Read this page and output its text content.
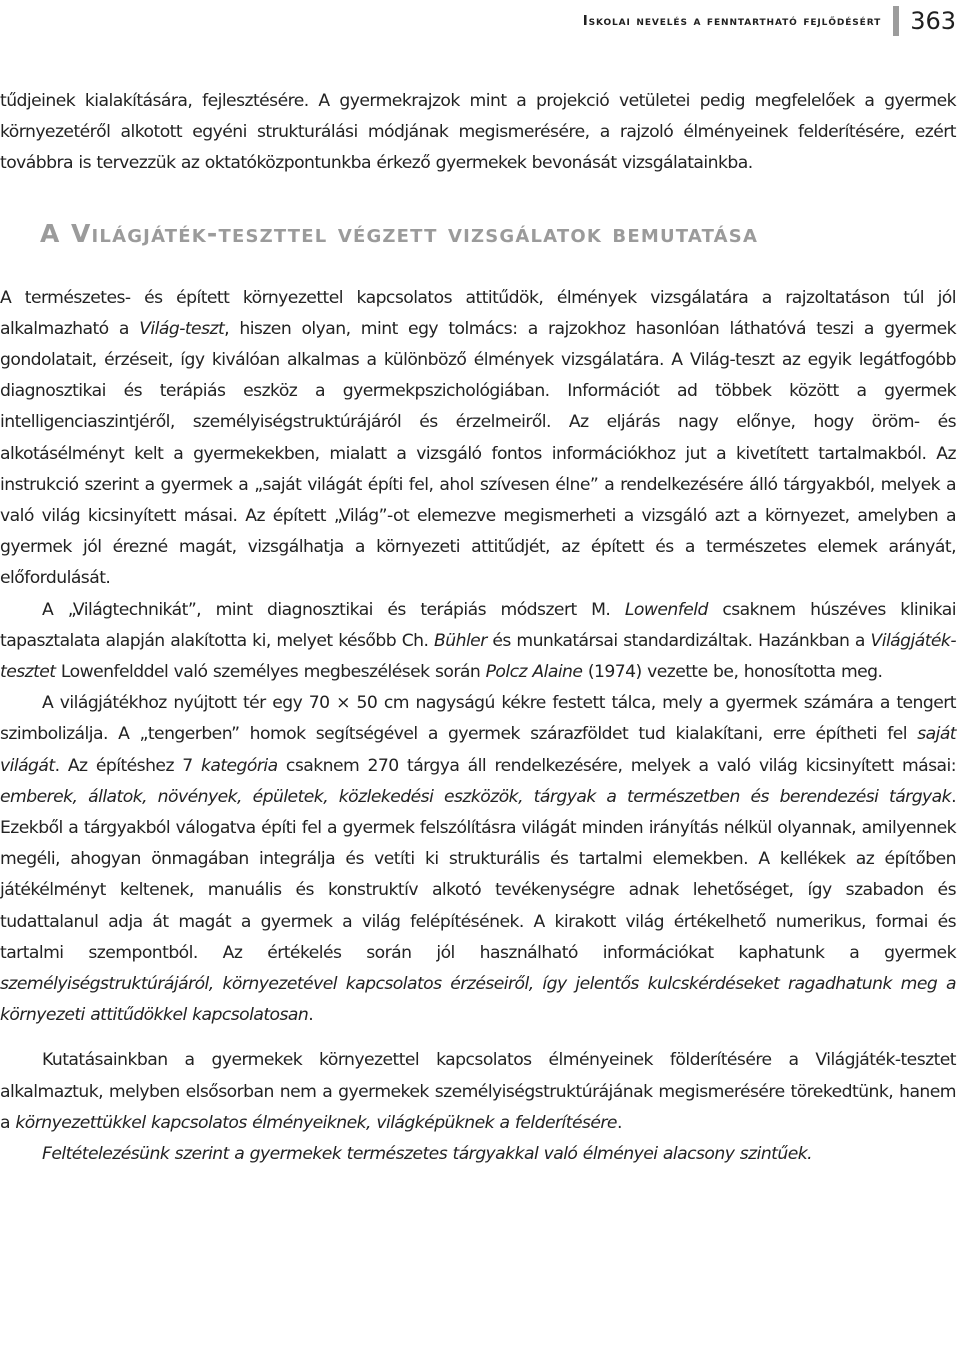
Iskolai nevelés a fenntartható fejlődésért	363

tűdjeinek kialakítására, fejlesztésére. A gyermekrajzok mint a projekció vetületei pedig megfelelőek a gyermek környezetéről alkotott egyéni strukturálási módjának megismerésére, a rajzoló élményeinek felderítésére, ezért továbbra is tervezzük az oktatóközpontunkba érkező gyermekek bevonását vizsgálatainkba.

A Világjáték-teszttel végzett vizsgálatok bemutatása

A természetes- és épített környezettel kapcsolatos attitűdök, élmények vizsgálatára a rajzoltatáson túl jól alkalmazható a Világ-teszt, hiszen olyan, mint egy tolmács: a rajzokhoz hasonlóan láthatóvá teszi a gyermek gondolatait, érzéseit, így kiválóan alkalmas a különböző élmények vizsgálatára. A Világ-teszt az egyik legátfogóbb diagnosztikai és terápiás eszköz a gyermekpszichológiában. Információt ad többek között a gyermek intelligenciaszintjéről, személyiségstruktúrájáról és érzelmeiről. Az eljárás nagy előnye, hogy öröm- és alkotásélményt kelt a gyermekekben, mialatt a vizsgáló fontos információkhoz jut a kivetített tartalmakból. Az instrukció szerint a gyermek a „saját világát építi fel, ahol szívesen élne” a rendelkezésére álló tárgyakból, melyek a való világ kicsinyített másai. Az épített „Világ”-ot elemezve megismerheti a vizsgáló azt a környezet, amelyben a gyermek jól érezné magát, vizsgálhatja a környezeti attitűdjét, az épített és a természetes elemek arányát, előfordulását.

A „Világtechnikát”, mint diagnosztikai és terápiás módszert M. Lowenfeld csaknem húszéves klinikai tapasztalata alapján alakította ki, melyet később Ch. Bühler és munkatársai standardizáltak. Hazánkban a Világjáték-tesztet Lowenfelddel való személyes megbeszélések során Polcz Alaine (1974) vezette be, honosította meg.

A világjátékhoz nyújtott tér egy 70 × 50 cm nagyságú kékre festett tálca, mely a gyermek számára a tengert szimbolizálja. A „tengerben” homok segítségével a gyermek szárazföldet tud kialakítani, erre építheti fel saját világát. Az építéshez 7 kategória csaknem 270 tárgya áll rendelkezésére, melyek a való világ kicsinyített másai: emberek, állatok, növények, épületek, közlekedési eszközök, tárgyak a természetben és berendezési tárgyak. Ezekből a tárgyakból válogatva építi fel a gyermek felszólításra világát minden irányítás nélkül olyannak, amilyennek megéli, ahogyan önmagában integrálja és vetíti ki strukturális és tartalmi elemekben. A kellékek az építőben játékélményt keltenek, manuális és konstruktív alkotó tevékenységre adnak lehetőséget, így szabadon és tudattalanul adja át magát a gyermek a világ felépítésének. A kirakott világ értékelhető numerikus, formai és tartalmi szempontból. Az értékelés során jól használható információkat kaphatunk a gyermek személyiségstruktúrájáról, környezetével kapcsolatos érzéseiről, így jelentős kulcskérdéseket ragadhatunk meg a környezeti attitűdökkel kapcsolatosan.

Kutatásainkban a gyermekek környezettel kapcsolatos élményeinek földerítésére a Világjáték-tesztet alkalmaztuk, melyben elsősorban nem a gyermekek személyiségstruktúrájának megismerésére törekedtünk, hanem a környezettükkel kapcsolatos élményeiknek, világképüknek a felderítésére.

Feltételezésünk szerint a gyermekek természetes tárgyakkal való élményei alacsony szintűek.
